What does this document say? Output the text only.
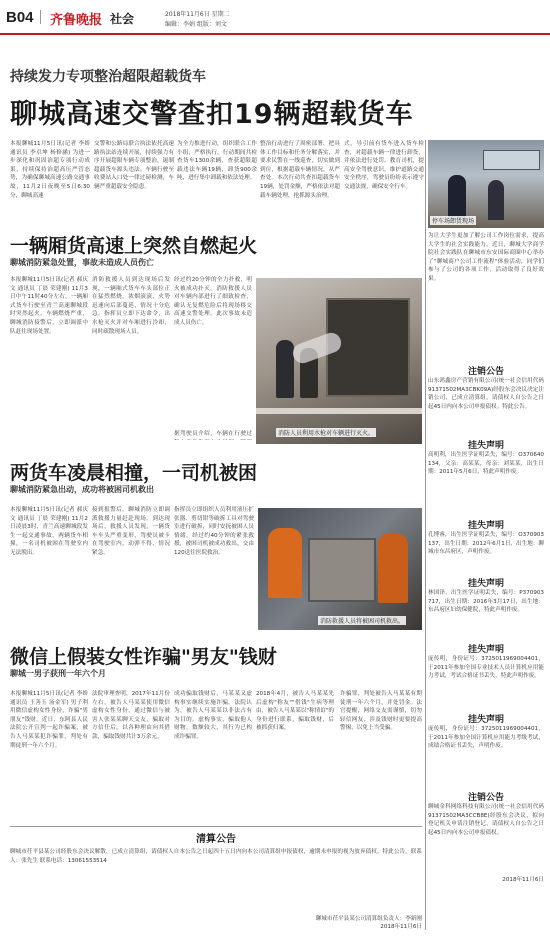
B04 齐鲁晚报 社会	2018年11月6日 星期二
编辑：李娟 组版：刘文
持续发力专项整治超限超载货车
聊城高速交警查扣19辆超载货车
本报聊城11月5日讯(记者 李娇 通讯员 李卓坤 杨修涵) 为进一步深化和巩固治超专项行动成果，持续保持治超高压严管态势，为确保聊城高速公路交通事故，11月2日夜晚至5日6:30分，聊城高速
交警和公路局联合执法依托高速路执法站连续开展，持续强力有序开展超限车辆专项整治，遏制超载货车源头违法。车辆行驶至收费站入口处一律过磅检测，车辆严重超载安全隐患。
为全力推进行动，组织联合工作小组，严格执行，行动期间共检查货车1300余辆，查获超限超载违法车辆19辆，卸货900余吨，进行集中卸载和依法处理。
整治行动进行了周密部署，把具体工作目标和任务分解落实，并要求民警在一线巡查，切实做到到位，根据超载车辆情况，从严查处。本次行动共查扣超载货车19辆，处罚金额，严格依法对超载车辆处理，抢抓源头治理。
式，导引前有货车进入货车检查，对超载车辆一律进行卸货，并依法进行处罚。教育司机，提高安全驾驶意识，维护道路交通安全秩序，驾驶员纷纷表示遵守交通法规，确保安全行车。
停车场卸货现场
为让大学生更加了解公司工作岗位需求，提高大学生的社会实践能力，近日，聊城大学商学院社会实践队在聊城市东安国际商圈中心举办了"聊城商户公司工作流程"体验活动，同学们参与了公司的各项工作，活动取得了良好效果。
一辆厢货高速上突然自燃起火
聊城消防紧急处置，事故未造成人员伤亡
本报聊城11月5日讯(记者 郝庆文 通讯员 丁晨 荣建刚) 11月3日中午11时40分左右，一辆厢式货车行驶至青兰高速聊城段时突然起火，车辆燃烧严重，聊城消防接警后，立即调派中队赶往现场处置。
消防救援人员到达现场后发现，一辆厢式货车车头部位正在猛烈燃烧，浓烟滚滚，火势迅速向后部蔓延，情况十分危急。指挥员立即下达命令，出水枪灭火并对车厢进行冷却，同时疏散现场人员。
经过约20分钟的全力扑救，明火被成功扑灭。消防救援人员对车辆内部进行了细致检查，确认无复燃危险后将现场移交高速交警处理。此次事故未造成人员伤亡。
消防人员利用水枪对车辆进行灭火。
据驾驶员介绍，车辆在行驶过
两货车凌晨相撞，一司机被困
聊城消防紧急出动，成功将被困司机救出
本报聊城11月5日讯(记者 郝庆文 通讯员 丁晨 荣建刚) 11月2日凌晨3时，青兰高速聊城段发生一起交通事故，两辆货车相撞，一名司机被困在驾驶室内无法脱出。
接到报警后，聊城消防立即调派救援力量赶赴现场。到达现场后，救援人员发现，一辆货车车头严重变形，驾驶员被卡在驾驶室内，动弹不得，情况紧急。
指挥员立即组织人员利用液压扩张器、剪切钳等破拆工具对驾驶室进行破拆，同时安抚被困人员情绪。经过约40分钟的紧张救援，被困司机被成功救出，交由120送往医院救治。
消防救援人员将被困司机救出。
微信上假装女性诈骗"男友"钱财
聊城一男子获刑一年六个月
本报聊城11月5日讯(记者 李娇 通讯员 王善玉 汤金军) 男子利用微信虚构女性身份，诈骗"男朋友"钱财。近日，东阿县人民法院公开宣判一起诈骗案，被告人马某某犯诈骗罪，判处有期徒刑一年六个月。
法院审理查明，2017年11月份左右，被告人马某某使用微信虚构女性身份，通过微信与被害人张某某聊天交友，骗取对方信任后，以各种理由向其借款，骗取钱财共计3万余元。
成功骗取钱财后，马某某又虚构事实继续实施诈骗。法院认为，被告人马某某以非法占有为目的，虚构事实，骗取他人财物，数额较大，其行为已构成诈骗罪。
2018年4月，被告人马某某先后虚构"称友""借钱"生病等理由，被告人马某某以"称情谊"的身份进行联系，骗取钱财，后被抓获归案。
诈骗罪，判处被告人马某某有期徒刑一年六个月，并处罚金。法官提醒，网络交友需谨慎，切勿轻信网友，涉及钱财时更要提高警惕，以免上当受骗。
注销公告
山东鸿鑫房产营销有限公司(统一社会信用代码91371502MA3CBK09A)经股东会决议决定注销公司，已成立清算组，请债权人自公告之日起45日内向本公司申报债权。特此公告。
挂失声明
高明利，出生医学证明丢失，编号：O370640134，父亲：高某某，母亲：刘某某，出生日期：2011年5月6日，特此声明作废。
挂失声明
孔博睿，出生医学证明丢失，编号：O370903137，出生日期：2012年6月1日，出生地：聊城市东昌府区，声明作废。
挂失声明
林国泽，出生医学证明丢失，编号：P370903717，出生日期：2016年3月17日，出生地：东昌府区妇幼保健院，特此声明作废。
挂失声明
庞传明，身份证号：3725011969004401，于2011年参加全国专业技术人员计算机应用能力考试，考试合格证书丢失，特此声明作废。
挂失声明
庞传明，身份证号：3725011969004401，于2011年参加全国计算机应用能力考级考试，成绩合格证书丢失，声明作废。
注销公告
聊城金科网络科技有限公司(统一社会信用代码91371502MA3CCB8E)经股东会决议，拟向登记机关申请注销登记，请债权人自公告之日起45日内向本公司申报债权。
2018年11月6日
清算公告
聊城市茌平县某公司经股东会决议解散，已成立清算组，请债权人自本公告之日起四十五日内向本公司清算组申报债权，逾期未申报的视为放弃债权。特此公告。联系人：张先生 联系电话：13061553514
聊城市茌平县某公司清算组负责人：李新刚
2018年11月6日
